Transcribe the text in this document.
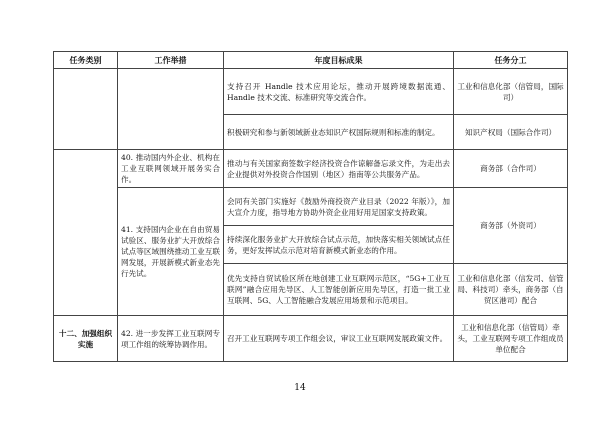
任务类别	工作举措	年度目标成果	任务分工
		支持召开 Handle 技术应用论坛，推动开展跨境数据流通、Handle 技术交流、标准研究等交流合作。	工业和信息化部（信管局，国际司）
		积极研究和参与新领域新业态知识产权国际规则和标准的制定。	知识产权局（国际合作司）
	40. 推动国内外企业、机构在工业互联网领域开展务实合作。	推动与有关国家商签数字经济投资合作谅解备忘录文件，为走出去企业提供对外投资合作国别（地区）指南等公共服务产品。	商务部（合作司）
	41. 支持国内企业在自由贸易试验区、服务业扩大开放综合试点等区域围绕推动工业互联网发展，开展新模式新业态先行先试。	会同有关部门实施好《鼓励外商投资产业目录（2022 年版）》，加大宣介力度，指导地方协助外资企业用好用足国家支持政策。	商务部（外资司）
		持续深化服务业扩大开放综合试点示范，加快落实相关领域试点任务，更好发挥试点示范对培育新模式新业态的作用。	
		优先支持自贸试验区所在地创建工业互联网示范区，“5G+工业互联网”融合应用先导区、人工智能创新应用先导区，打造一批工业互联网、5G、人工智能融合发展应用场景和示范项目。	工业和信息化部（信发司、信管局、科技司）牵头，商务部（自贸区港司）配合
十二、加强组织实施	42. 进一步发挥工业互联网专项工作组的统筹协调作用。	召开工业互联网专项工作组会议，审议工业互联网发展政策文件。	工业和信息化部（信管局）牵头，工业互联网专项工作组成员单位配合
14
